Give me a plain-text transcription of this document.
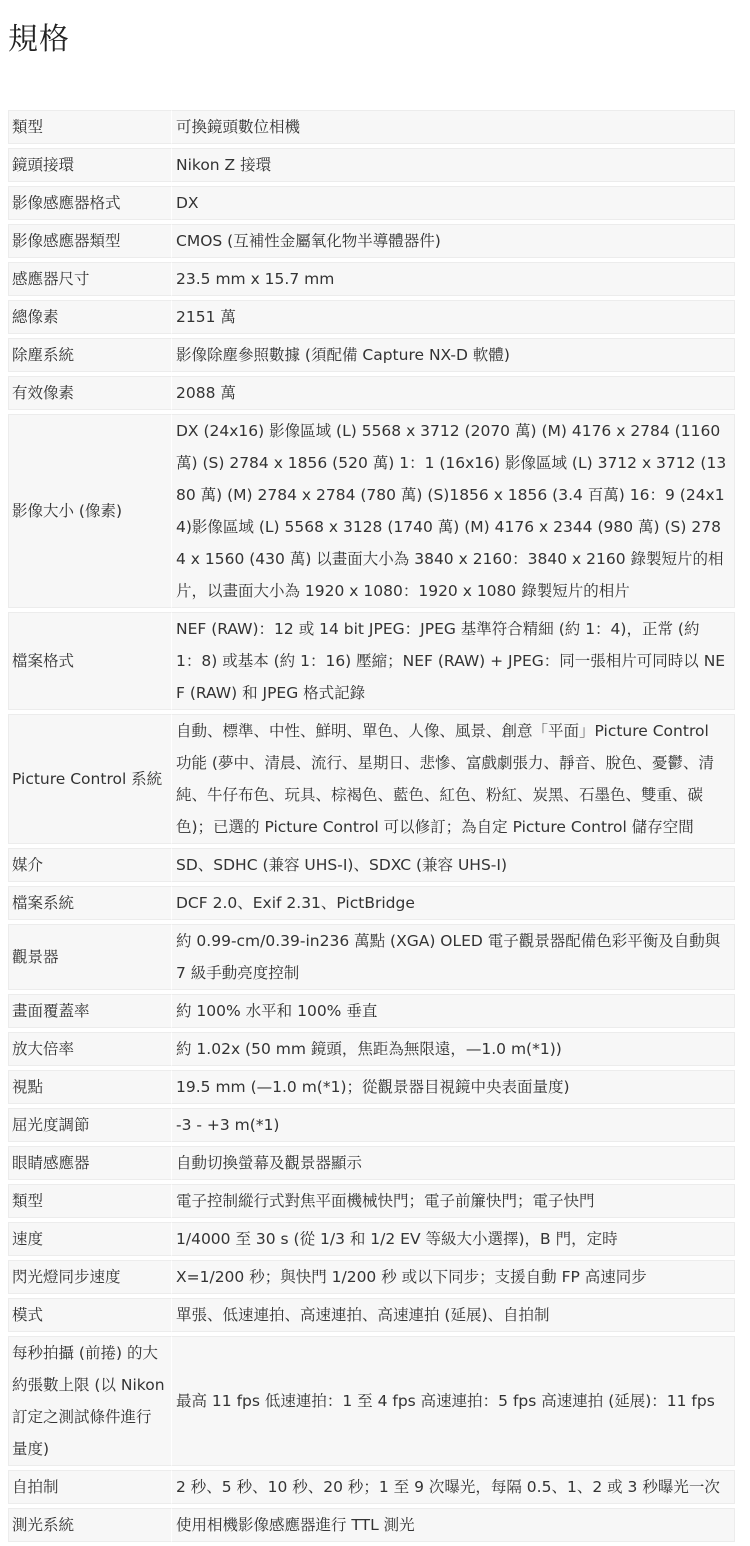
規格
類型	可換鏡頭數位相機
鏡頭接環	Nikon Z 接環
影像感應器格式	DX
影像感應器類型	CMOS (互補性金屬氧化物半導體器件)
感應器尺寸	23.5 mm x 15.7 mm
總像素	2151 萬
除塵系統	影像除塵參照數據 (須配備 Capture NX-D 軟體)
有效像素	2088 萬
影像大小 (像素)	DX (24x16) 影像區域 (L) 5568 x 3712 (2070 萬) (M) 4176 x 2784 (1160 萬) (S) 2784 x 1856 (520 萬) 1：1 (16x16) 影像區域 (L) 3712 x 3712 (1380 萬) (M) 2784 x 2784 (780 萬) (S)1856 x 1856 (3.4 百萬) 16：9 (24x14)影像區域 (L) 5568 x 3128 (1740 萬) (M) 4176 x 2344 (980 萬) (S) 2784 x 1560 (430 萬) 以畫面大小為 3840 x 2160：3840 x 2160 錄製短片的相片，以畫面大小為 1920 x 1080：1920 x 1080 錄製短片的相片
檔案格式	NEF (RAW)：12 或 14 bit JPEG：JPEG 基準符合精細 (約 1：4)，正常 (約 1：8) 或基本 (約 1：16) 壓縮；NEF (RAW) + JPEG：同一張相片可同時以 NEF (RAW) 和 JPEG 格式記錄
Picture Control 系統	自動、標準、中性、鮮明、單色、人像、風景、創意「平面」Picture Control 功能 (夢中、清晨、流行、星期日、悲慘、富戲劇張力、靜音、脫色、憂鬱、清純、牛仔布色、玩具、棕褐色、藍色、紅色、粉紅、炭黑、石墨色、雙重、碳色)；已選的 Picture Control 可以修訂；為自定 Picture Control 儲存空間
媒介	SD、SDHC (兼容 UHS-I)、SDXC (兼容 UHS-I)
檔案系統	DCF 2.0、Exif 2.31、PictBridge
觀景器	約 0.99-cm/0.39-in236 萬點 (XGA) OLED 電子觀景器配備色彩平衡及自動與 7 級手動亮度控制
畫面覆蓋率	約 100% 水平和 100% 垂直
放大倍率	約 1.02x (50 mm 鏡頭，焦距為無限遠，—1.0 m(*1))
視點	19.5 mm (—1.0 m(*1)；從觀景器目視鏡中央表面量度)
屈光度調節	-3 - +3 m(*1)
眼睛感應器	自動切換螢幕及觀景器顯示
類型	電子控制縱行式對焦平面機械快門；電子前簾快門；電子快門
速度	1/4000 至 30 s (從 1/3 和 1/2 EV 等級大小選擇)，B 門，定時
閃光燈同步速度	X=1/200 秒；與快門 1/200 秒 或以下同步；支援自動 FP 高速同步
模式	單張、低速連拍、高速連拍、高速連拍 (延展)、自拍制
每秒拍攝 (前捲) 的大約張數上限 (以 Nikon 訂定之測試條件進行量度)	最高 11 fps 低速連拍：1 至 4 fps 高速連拍：5 fps 高速連拍 (延展)：11 fps
自拍制	2 秒、5 秒、10 秒、20 秒；1 至 9 次曝光，每隔 0.5、1、2 或 3 秒曝光一次
測光系統	使用相機影像感應器進行 TTL 測光
